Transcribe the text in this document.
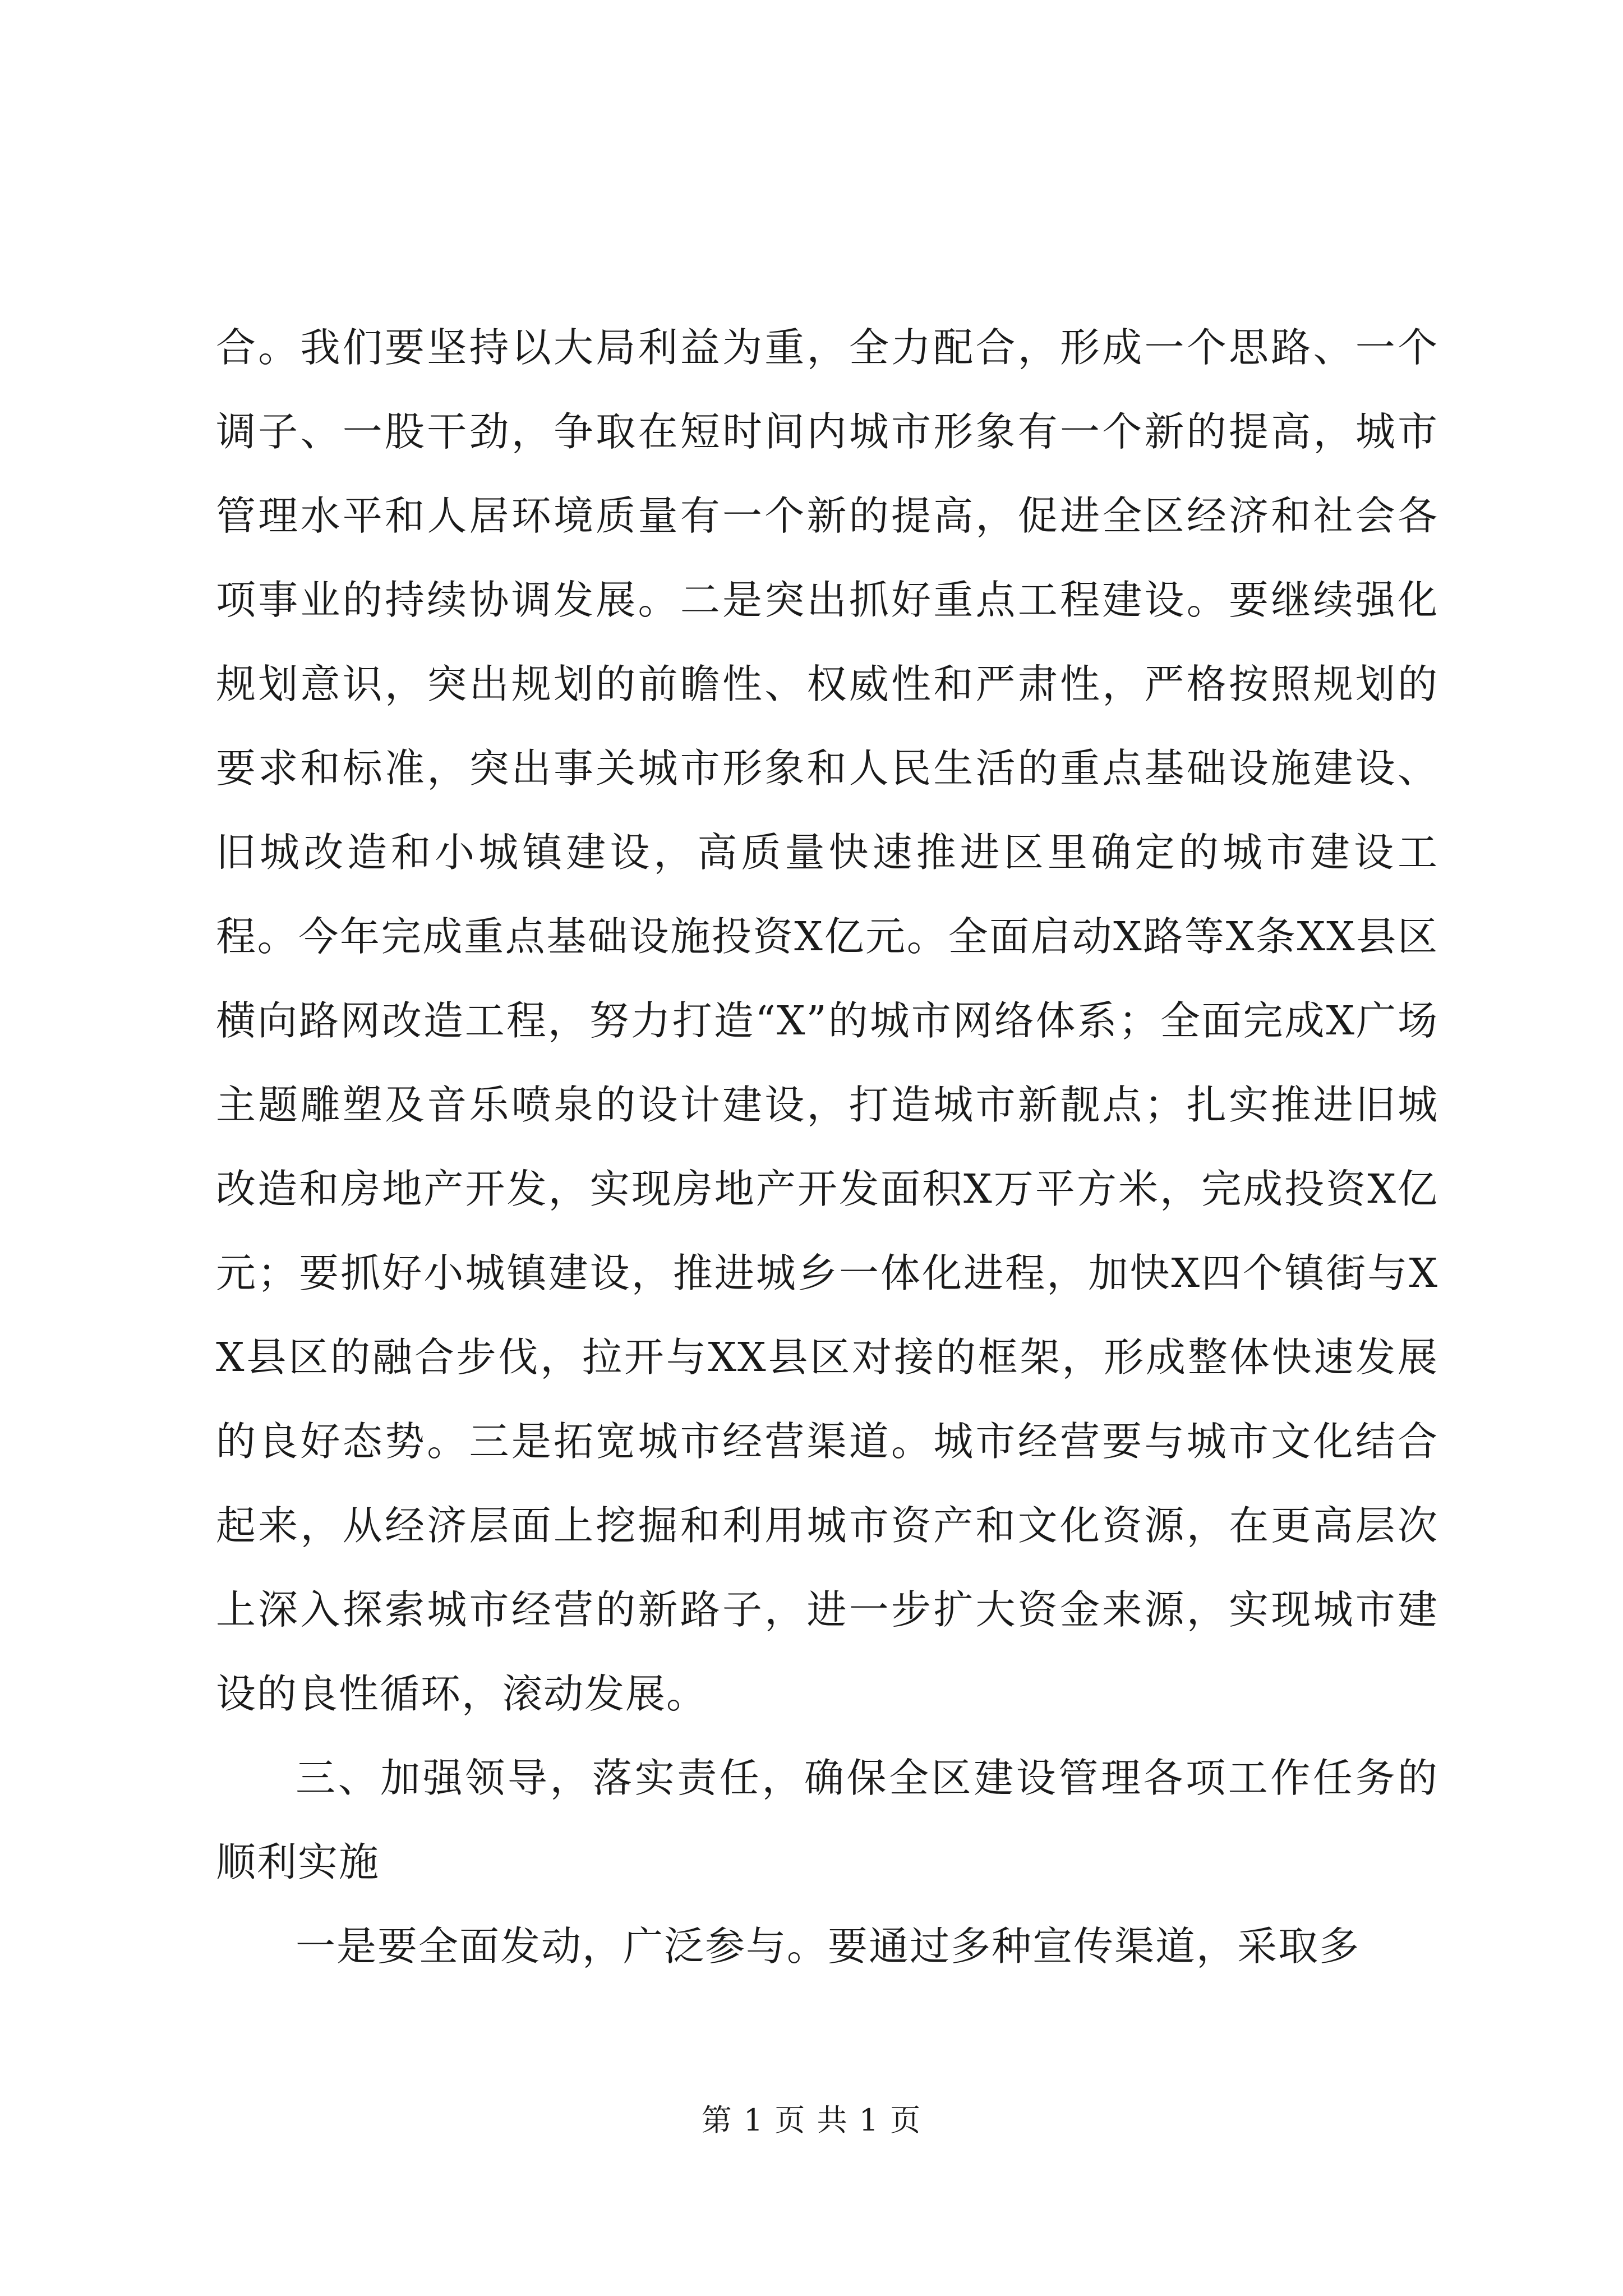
合。我们要坚持以大局利益为重，全力配合，形成一个思路、一个调子、一股干劲，争取在短时间内城市形象有一个新的提高，城市管理水平和人居环境质量有一个新的提高，促进全区经济和社会各项事业的持续协调发展。二是突出抓好重点工程建设。要继续强化规划意识，突出规划的前瞻性、权威性和严肃性，严格按照规划的要求和标准，突出事关城市形象和人民生活的重点基础设施建设、旧城改造和小城镇建设，高质量快速推进区里确定的城市建设工程。今年完成重点基础设施投资X亿元。全面启动X路等X条XX县区横向路网改造工程，努力打造“X”的城市网络体系；全面完成X广场主题雕塑及音乐喷泉的设计建设，打造城市新靓点；扎实推进旧城改造和房地产开发，实现房地产开发面积X万平方米，完成投资X亿元；要抓好小城镇建设，推进城乡一体化进程，加快X四个镇街与XX县区的融合步伐，拉开与XX县区对接的框架，形成整体快速发展的良好态势。三是拓宽城市经营渠道。城市经营要与城市文化结合起来，从经济层面上挖掘和利用城市资产和文化资源，在更高层次上深入探索城市经营的新路子，进一步扩大资金来源，实现城市建设的良性循环，滚动发展。

三、加强领导，落实责任，确保全区建设管理各项工作任务的顺利实施

一是要全面发动，广泛参与。要通过多种宣传渠道，采取多

第 1 页 共 1 页
